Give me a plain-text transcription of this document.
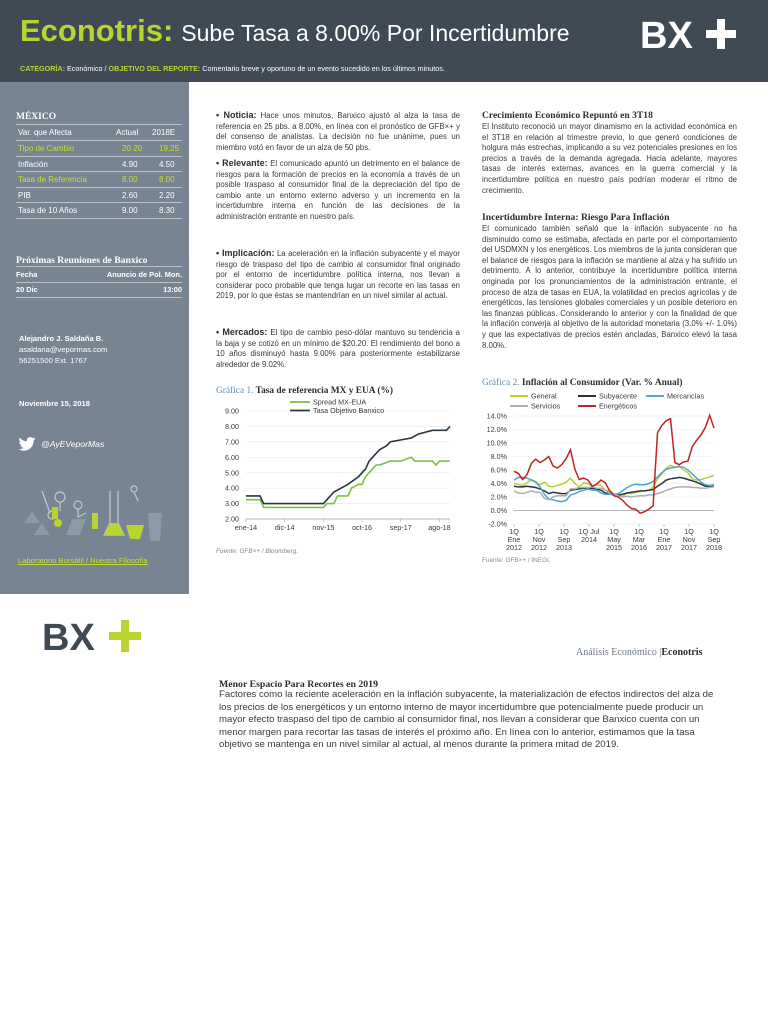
Econotris: Sube Tasa a 8.00% Por Incertidumbre BX
CATEGORÍA: Económico / OBJETIVO DEL REPORTE: Comentario breve y oportuno de un evento sucedido en los últimos minutos.
MÉXICO
Var. que Afecta	Actual 2018E
Tipo de Cambio	20.20 19.25
Inflación	4.90	4.50
Tasa de Referencia	8.00	8.00
PIB	2.60	2.20
Tasa de 10 Años	9.00	8.30
Próximas Reuniones de Banxico
Fecha	Anuncio de Pol. Mon.
20 Dic	13:00
Alejandro J. Saldaña B.
asaldana@vepormas.com
56251500 Ext. 1767
Noviembre 15, 2018
@AyEVeporMas
Laboratorio Bursátil / Nuestra Filosofía
• Noticia: Hace unos minutos, Banxico ajustó al alza la tasa de referencia en 25 pbs. a 8.00%, en línea con el pronóstico de GFB×+ y del consenso de analistas. La decisión no fue unánime, pues un miembro votó en favor de un alza de 50 pbs.
• Relevante: El comunicado apuntó un detrimento en el balance de riesgos para la formación de precios en la economía a través de un posible traspaso al consumidor final de la depreciación del tipo de cambio ante un entorno externo adverso y un incremento en la incertidumbre interna en función de las decisiones de la administración entrante en nuestro país.
• Implicación: La aceleración en la inflación subyacente y el mayor riesgo de traspaso del tipo de cambio al consumidor final originado por el entorno de incertidumbre política interna, nos llevan a considerar poco probable que tenga lugar un recorte en las tasas en 2019, por lo que éstas se mantendrían en un nivel similar al actual.
• Mercados: El tipo de cambio peso-dólar mantuvo su tendencia a la baja y se cotizó en un mínimo de $20.20. El rendimiento del bono a 10 años disminuyó hasta 9.00% para posteriormente estabilizarse alrededor de 9.02%.
Gráfica 1. Tasa de referencia MX y EUA (%)
9.00
8.00
7.00
6.00
5.00
4.00
3.00
2.00
ene-14 dic-14 nov-15 oct-16 sep-17 ago-18
Spread MX-EUA
Tasa Objetivo Banxico
Fuente: GFB×+ / Bloomberg.
Crecimiento Económico Repuntó en 3T18
El Instituto reconoció un mayor dinamismo en la actividad económica en el 3T18 en relación al trimestre previo, lo que generó condiciones de holgura más estrechas, implicando a su vez potenciales presiones en los precios a través de la demanda agregada. Hacia adelante, mayores tasas de interés externas, avances en la guerra comercial y la incertidumbre política en nuestro país podrían moderar el ritmo de crecimiento.
Incertidumbre Interna: Riesgo Para Inflación
El comunicado también señaló que la inflación subyacente no ha disminuido como se estimaba, afectada en parte por el comportamiento del USDMXN y los energéticos. Los miembros de la junta consideran que el balance de riesgos para la inflación se mantiene al alza y ha sufrido un detrimento. A lo anterior, contribuye la incertidumbre política interna originada por los pronunciamientos de la administración entrante, el proceso de alza de tasas en EUA, la volatilidad en precios agrícolas y de energéticos, las tensiones globales comerciales y un posible deterioro en las finanzas públicas. Considerando lo anterior y con la finalidad de que la inflación converja al objetivo de la autoridad monetaria (3.0% +/- 1.0%) y que las expectativas de precios estén ancladas, Banxico elevó la tasa 8.00%.
Gráfica 2. Inflación al Consumidor (Var. % Anual)
14.0%
12.0%
10.0%
8.0%
6.0%
4.0%
2.0%
0.0%
-2.0%
1Q
Ene
2012
1Q
Nov
2012
1Q
Sep
2013
1Q Jul
2014
1Q
May
2015
1Q
Mar
2016
1Q
Ene
2017
1Q
Nov
2017
1Q
Sep
2018
General	Subyacente	Mercancías
Servicios	Energéticos
Fuente: GFB×+ / INEGI.
BX	Análisis Económico |Econotris
Menor Espacio Para Recortes en 2019
Factores como la reciente aceleración en la inflación subyacente, la materialización de efectos indirectos del alza de los precios de los energéticos y un entorno interno de mayor incertidumbre que potencialmente puede producir un mayor efecto traspaso del tipo de cambio al consumidor final, nos llevan a considerar que Banxico cuenta con un menor margen para recortar las tasas de interés el próximo año. En línea con lo anterior, estimamos que la tasa objetivo se mantenga en un nivel similar al actual, al menos durante la primera mitad de 2019.
